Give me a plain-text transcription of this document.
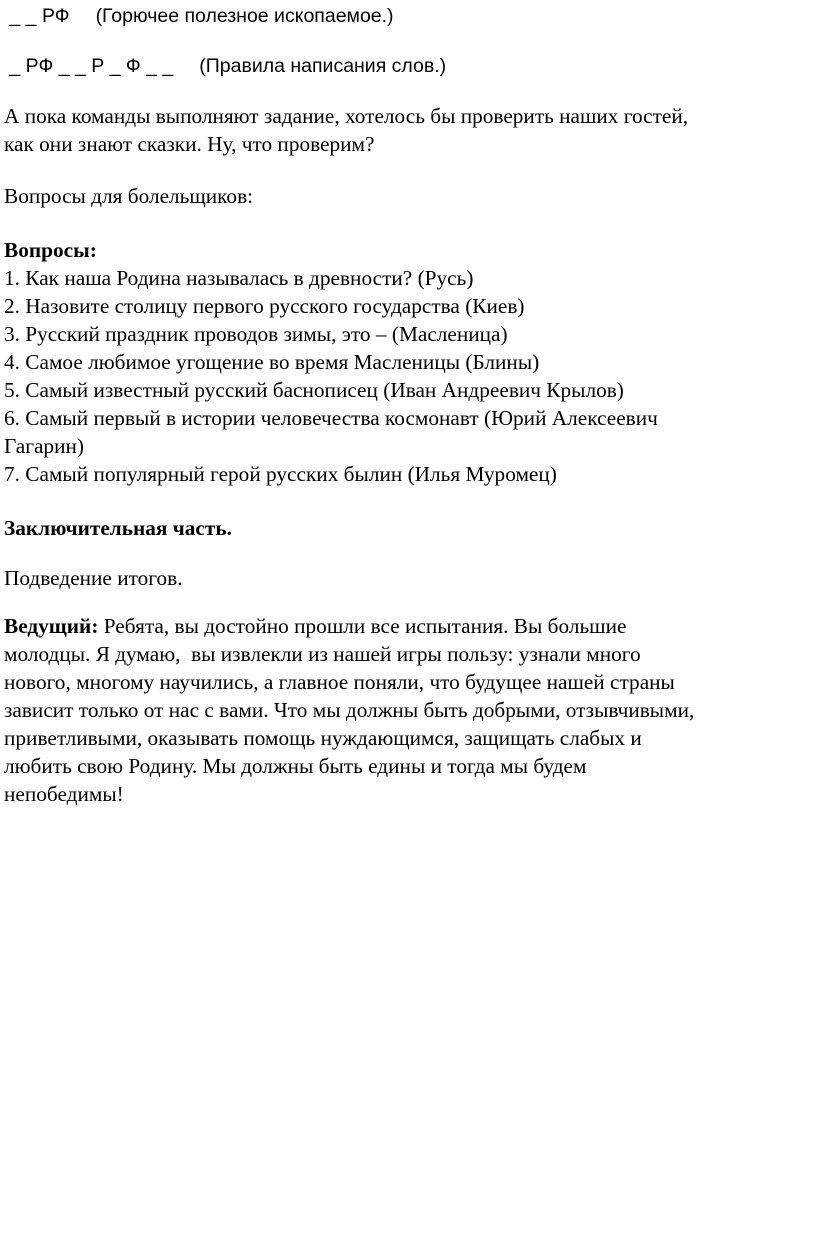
_ _ РФ (Горючее полезное ископаемое.)
_ РФ _ _ Р _ Ф _ _ (Правила написания слов.)
А пока команды выполняют задание, хотелось бы проверить наших гостей,
как они знают сказки. Ну, что проверим?
Вопросы для болельщиков:
Вопросы:
1. Как наша Родина называлась в древности? (Русь)
2. Назовите столицу первого русского государства (Киев)
3. Русский праздник проводов зимы, это – (Масленица)
4. Самое любимое угощение во время Масленицы (Блины)
5. Самый известный русский баснописец (Иван Андреевич Крылов)
6. Самый первый в истории человечества космонавт (Юрий Алексеевич
Гагарин)
7. Самый популярный герой русских былин (Илья Муромец)
Заключительная часть.
Подведение итогов.
Ведущий: Ребята, вы достойно прошли все испытания. Вы большие
молодцы. Я думаю,  вы извлекли из нашей игры пользу: узнали много
нового, многому научились, а главное поняли, что будущее нашей страны
зависит только от нас с вами. Что мы должны быть добрыми, отзывчивыми,
приветливыми, оказывать помощь нуждающимся, защищать слабых и
любить свою Родину. Мы должны быть едины и тогда мы будем
непобедимы!
